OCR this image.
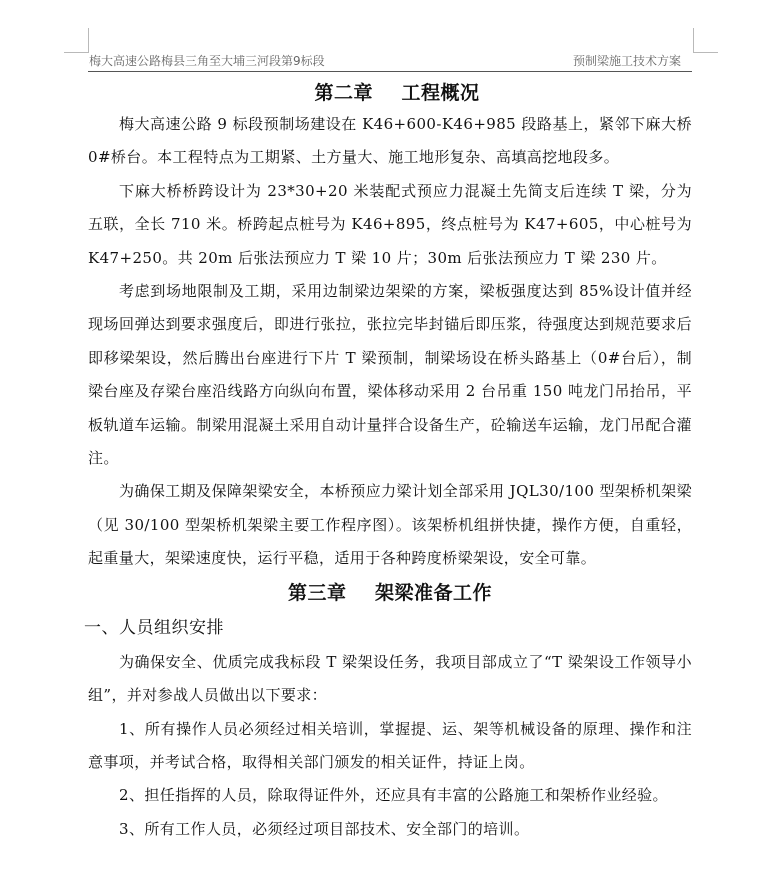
梅大高速公路梅县三角至大埔三河段第9标段	预制梁施工技术方案
第二章    工程概况

梅大高速公路 9 标段预制场建设在 K46+600-K46+985 段路基上，紧邻下麻大桥 0#桥台。本工程特点为工期紧、土方量大、施工地形复杂、高填高挖地段多。

下麻大桥桥跨设计为 23*30+20 米装配式预应力混凝土先简支后连续 T 梁，分为五联，全长 710 米。桥跨起点桩号为 K46+895，终点桩号为 K47+605，中心桩号为 K47+250。共 20m 后张法预应力 T 梁 10 片；30m 后张法预应力 T 梁 230 片。

考虑到场地限制及工期，采用边制梁边架梁的方案，梁板强度达到 85%设计值并经现场回弹达到要求强度后，即进行张拉，张拉完毕封锚后即压浆，待强度达到规范要求后即移梁架设，然后腾出台座进行下片 T 梁预制，制梁场设在桥头路基上（0#台后），制梁台座及存梁台座沿线路方向纵向布置，梁体移动采用 2 台吊重 150 吨龙门吊抬吊，平板轨道车运输。制梁用混凝土采用自动计量拌合设备生产，砼输送车运输，龙门吊配合灌注。

为确保工期及保障架梁安全，本桥预应力梁计划全部采用 JQL30/100 型架桥机架梁（见 30/100 型架桥机架梁主要工作程序图）。该架桥机组拼快捷，操作方便，自重轻，起重量大，架梁速度快，运行平稳，适用于各种跨度桥梁架设，安全可靠。

第三章    架梁准备工作
一、人员组织安排

为确保安全、优质完成我标段 T 梁架设任务，我项目部成立了“T 梁架设工作领导小组”，并对参战人员做出以下要求：

1、所有操作人员必须经过相关培训，掌握提、运、架等机械设备的原理、操作和注意事项，并考试合格，取得相关部门颁发的相关证件，持证上岗。

2、担任指挥的人员，除取得证件外，还应具有丰富的公路施工和架桥作业经验。

3、所有工作人员，必须经过项目部技术、安全部门的培训。
